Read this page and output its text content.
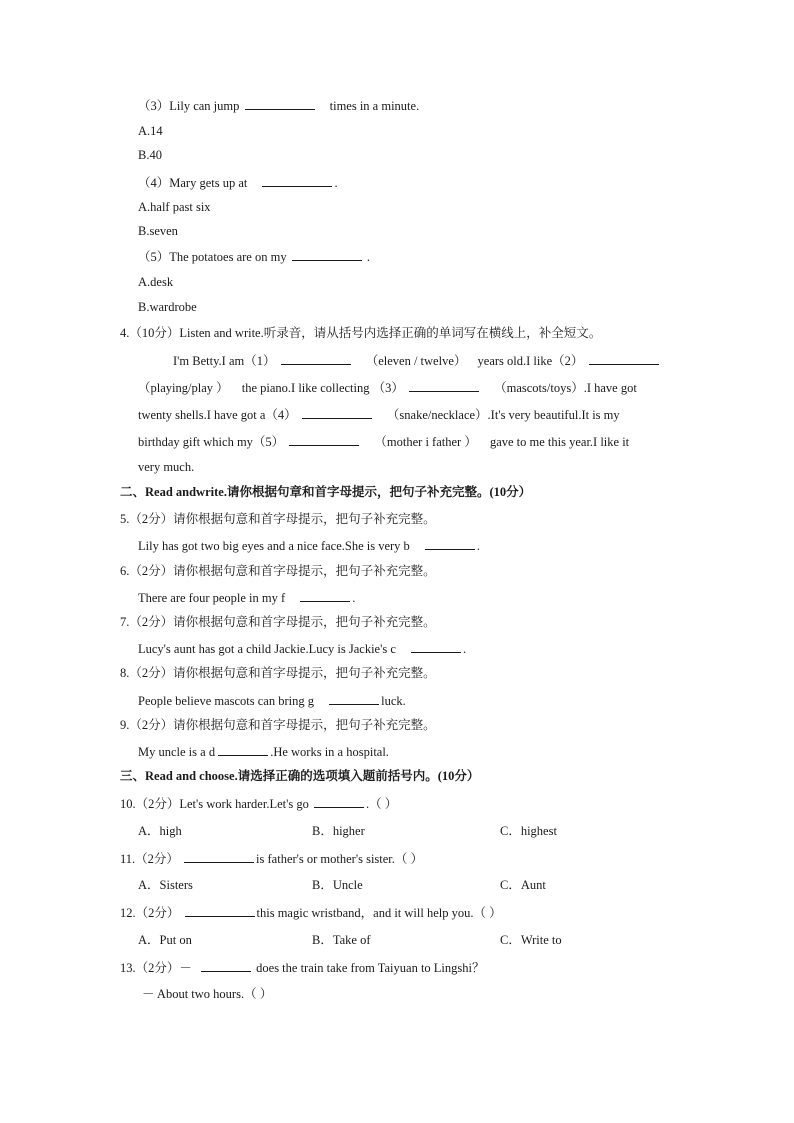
（3）Lily can jump	times in a minute.
A.14
B.40
（4）Mary gets up at	.
A.half past six
B.seven
（5）The potatoes are on my	.
A.desk
B.wardrobe
4.（10分）Listen and write.听录音，请从括号内选择正确的单词写在横线上，补全短文。
I'm Betty.I am（1）	（eleven / twelve） years old.I like（2）
（playing/play ） the piano.I like collecting （3）	（mascots/toys）.I have got
twenty shells.I have got a（4）	（snake/necklace）.It's very beautiful.It is my
birthday gift which my（5）	（mother i father ） gave to me this year.I like it
very much.
二、Read andwrite.请你根据句章和首字母提示，把句子补充完整。(10分）
5.（2分）请你根据句意和首字母提示，把句子补充完整。
Lily has got two big eyes and a nice face.She is very b	.
6.（2分）请你根据句意和首字母提示，把句子补充完整。
There are four people in my f	.
7.（2分）请你根据句意和首字母提示，把句子补充完整。
Lucy's aunt has got a child Jackie.Lucy is Jackie's c	.
8.（2分）请你根据句意和首字母提示，把句子补充完整。
People believe mascots can bring g	luck.
9.（2分）请你根据句意和首字母提示，把句子补充完整。
My uncle is a d	.He works in a hospital.
三、Read and choose.请选择正确的选项填入题前括号内。(10分）
10.（2分）Let's work harder.Let's go	.（ ）
A．high	B．higher	C．highest
11.（2分）	is father's or mother's sister.（ ）
A．Sisters	B．Uncle	C．Aunt
12.（2分）	this magic wristband，and it will help you.（ ）
A．Put on	B．Take of	C．Write to
13.（2分）－	does the train take from Taiyuan to Lingshi？
－ About two hours.（ ）
